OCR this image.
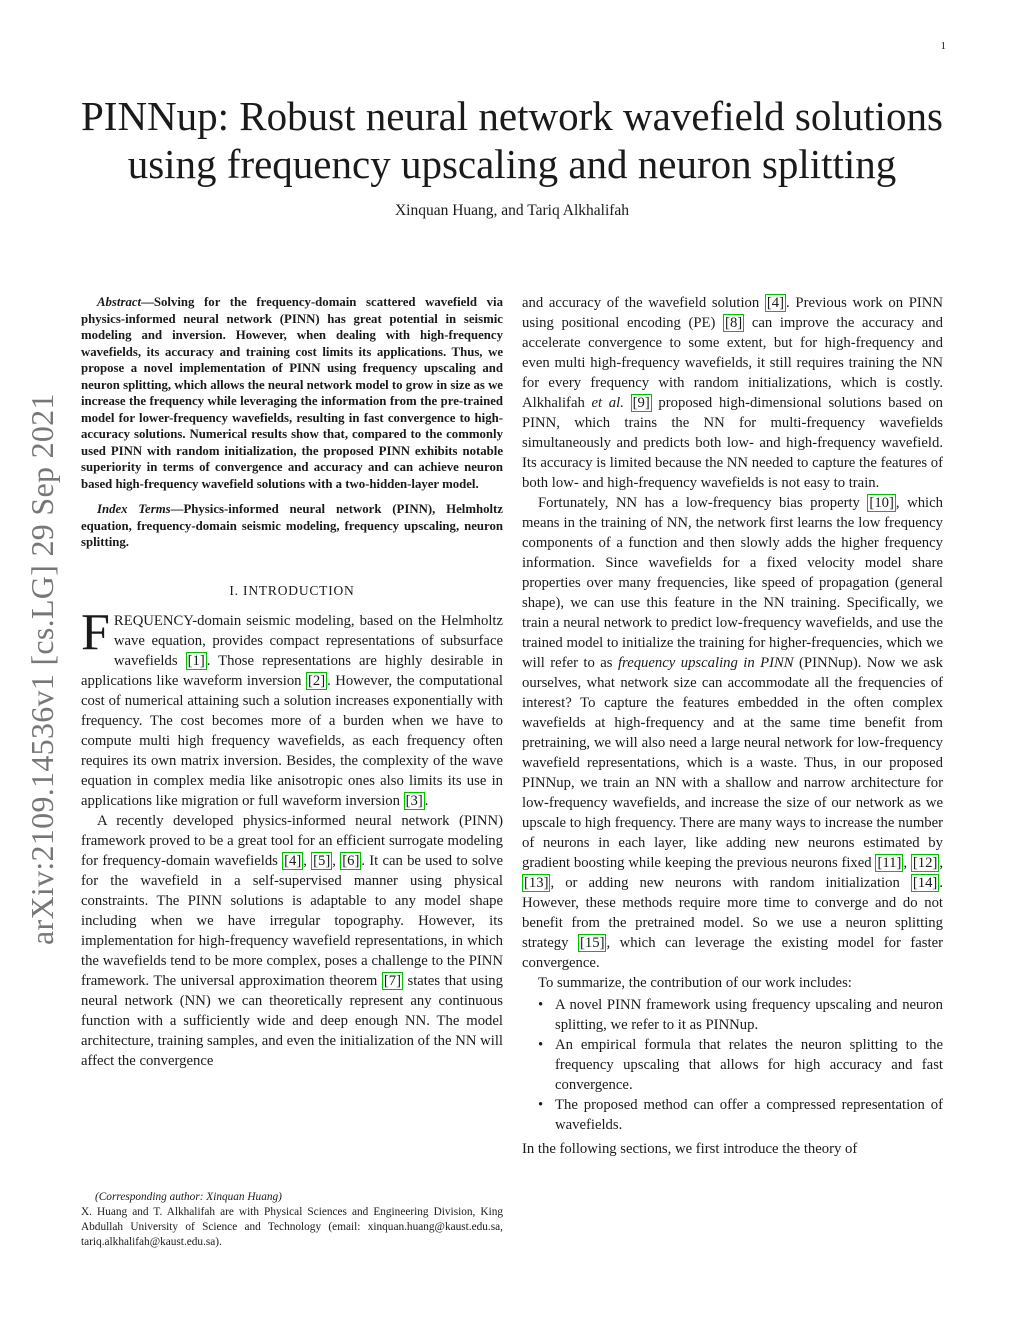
1
arXiv:2109.14536v1 [cs.LG] 29 Sep 2021
PINNup: Robust neural network wavefield solutions
using frequency upscaling and neuron splitting
Xinquan Huang, and Tariq Alkhalifah

Abstract—Solving for the frequency-domain scattered wavefield via physics-informed neural network (PINN) has great potential in seismic modeling and inversion. However, when dealing with high-frequency wavefields, its accuracy and training cost limits its applications. Thus, we propose a novel implementation of PINN using frequency upscaling and neuron splitting, which allows the neural network model to grow in size as we increase the frequency while leveraging the information from the pre-trained model for lower-frequency wavefields, resulting in fast convergence to high-accuracy solutions. Numerical results show that, compared to the commonly used PINN with random initialization, the proposed PINN exhibits notable superiority in terms of convergence and accuracy and can achieve neuron based high-frequency wavefield solutions with a two-hidden-layer model.

Index Terms—Physics-informed neural network (PINN), Helmholtz equation, frequency-domain seismic modeling, frequency upscaling, neuron splitting.

I. INTRODUCTION

FREQUENCY-domain seismic modeling, based on the Helmholtz wave equation, provides compact representations of subsurface wavefields [1] . Those representations are highly desirable in applications like waveform inversion [2] . However, the computational cost of numerical attaining such a solution increases exponentially with frequency. The cost becomes more of a burden when we have to compute multi high frequency wavefields, as each frequency often requires its own matrix inversion. Besides, the complexity of the wave equation in complex media like anisotropic ones also limits its use in applications like migration or full waveform inversion [3] .

A recently developed physics-informed neural network (PINN) framework proved to be a great tool for an efficient surrogate modeling for frequency-domain wavefields [4] , [5] , [6] . It can be used to solve for the wavefield in a self-supervised manner using physical constraints. The PINN solutions is adaptable to any model shape including when we have irregular topography. However, its implementation for high-frequency wavefield representations, in which the wavefields tend to be more complex, poses a challenge to the PINN framework. The universal approximation theorem [7] states that using neural network (NN) we can theoretically represent any continuous function with a sufficiently wide and deep enough NN. The model architecture, training samples, and even the initialization of the NN will affect the convergence

(Corresponding author: Xinquan Huang)
X. Huang and T. Alkhalifah are with Physical Sciences and Engineering Division, King Abdullah University of Science and Technology (email: xinquan.huang@kaust.edu.sa, tariq.alkhalifah@kaust.edu.sa).

and accuracy of the wavefield solution [4] . Previous work on PINN using positional encoding (PE) [8] can improve the accuracy and accelerate convergence to some extent, but for high-frequency and even multi high-frequency wavefields, it still requires training the NN for every frequency with random initializations, which is costly. Alkhalifah et al. [9] proposed high-dimensional solutions based on PINN, which trains the NN for multi-frequency wavefields simultaneously and predicts both low- and high-frequency wavefield. Its accuracy is limited because the NN needed to capture the features of both low- and high-frequency wavefields is not easy to train.

Fortunately, NN has a low-frequency bias property [10] , which means in the training of NN, the network first learns the low frequency components of a function and then slowly adds the higher frequency information. Since wavefields for a fixed velocity model share properties over many frequencies, like speed of propagation (general shape), we can use this feature in the NN training. Specifically, we train a neural network to predict low-frequency wavefields, and use the trained model to initialize the training for higher-frequencies, which we will refer to as frequency upscaling in PINN (PINNup). Now we ask ourselves, what network size can accommodate all the frequencies of interest? To capture the features embedded in the often complex wavefields at high-frequency and at the same time benefit from pretraining, we will also need a large neural network for low-frequency wavefield representations, which is a waste. Thus, in our proposed PINNup, we train an NN with a shallow and narrow architecture for low-frequency wavefields, and increase the size of our network as we upscale to high frequency. There are many ways to increase the number of neurons in each layer, like adding new neurons estimated by gradient boosting while keeping the previous neurons fixed [11] , [12] , [13] , or adding new neurons with random initialization [14] . However, these methods require more time to converge and do not benefit from the pretrained model. So we use a neuron splitting strategy [15] , which can leverage the existing model for faster convergence.

To summarize, the contribution of our work includes:

• A novel PINN framework using frequency upscaling and neuron splitting, we refer to it as PINNup.
• An empirical formula that relates the neuron splitting to the frequency upscaling that allows for high accuracy and fast convergence.
• The proposed method can offer a compressed representation of wavefields.

In the following sections, we first introduce the theory of
